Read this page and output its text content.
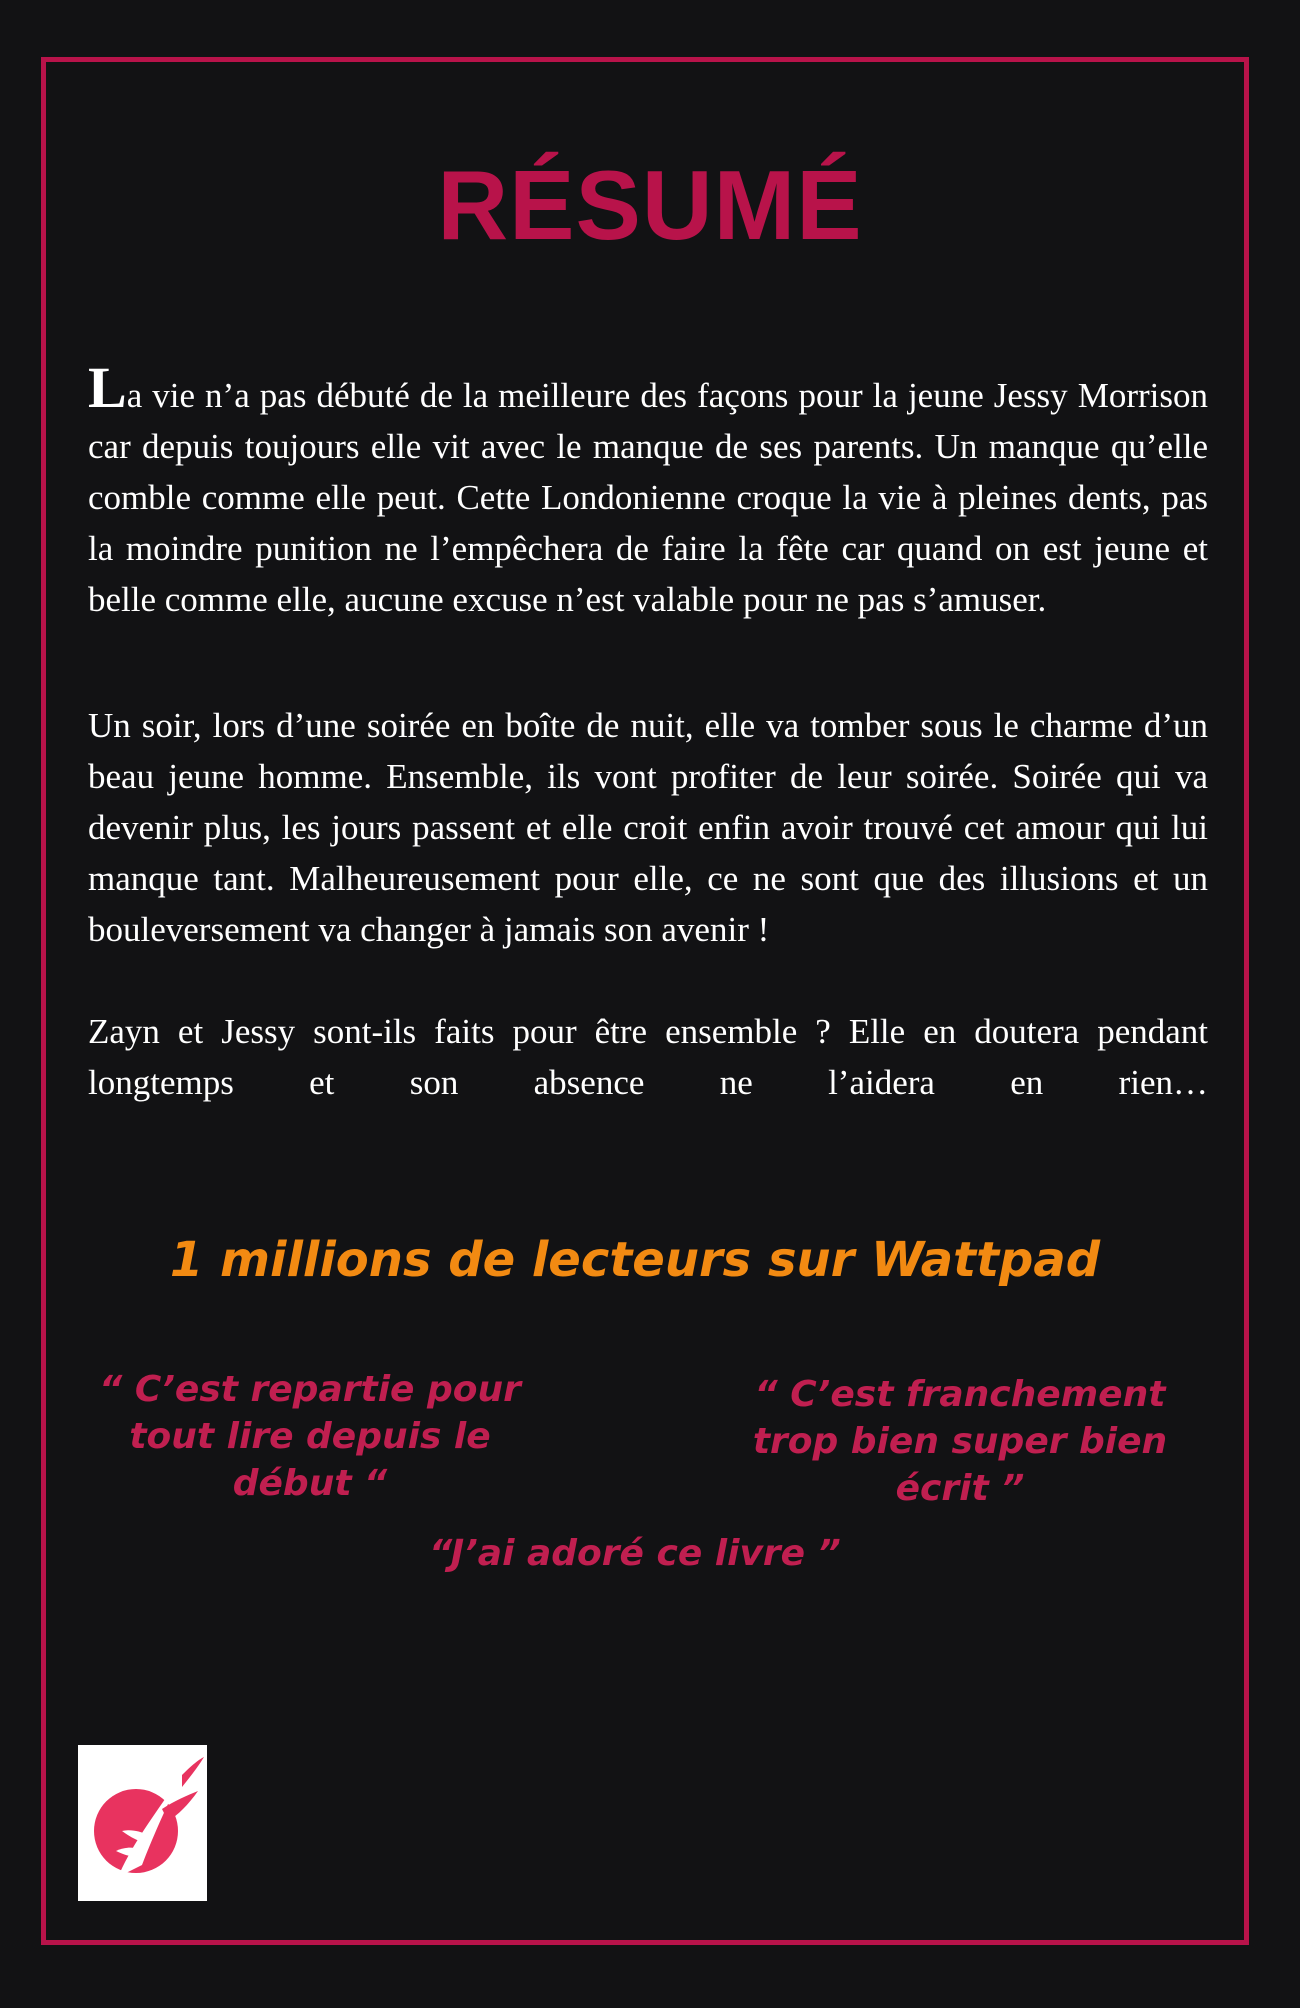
RÉSUMÉ

La vie n’a pas débuté de la meilleure des façons pour la jeune Jessy Morrison car depuis toujours elle vit avec le manque de ses parents. Un manque qu’elle comble comme elle peut. Cette Londonienne croque la vie à pleines dents, pas la moindre punition ne l’empêchera de faire la fête car quand on est jeune et belle comme elle, aucune excuse n’est valable pour ne pas s’amuser.

Un soir, lors d’une soirée en boîte de nuit, elle va tomber sous le charme d’un beau jeune homme. Ensemble, ils vont profiter de leur soirée. Soirée qui va devenir plus, les jours passent et elle croit enfin avoir trouvé cet amour qui lui manque tant. Malheureusement pour elle, ce ne sont que des illusions et un bouleversement va changer à jamais son avenir !

Zayn et Jessy sont-ils faits pour être ensemble ? Elle en doutera pendant longtemps et son absence ne l’aidera en rien…

1 millions de lecteurs sur Wattpad
“ C’est repartie pour
tout lire depuis le
début “
“ C’est franchement
trop bien super bien
écrit ”
“J’ai adoré ce livre ”
